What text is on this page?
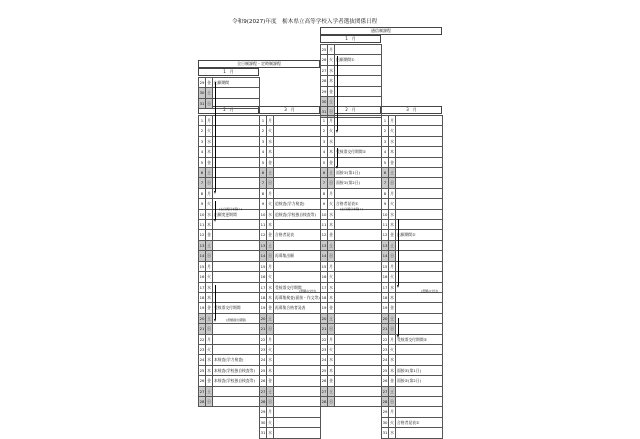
令和9(2027)年度　栃木県立高等学校入学者選抜関係日程
全日制課程・定時制課程
通信制課程
1　月
2　月	3　月
1　月
2　月	3　月
29	金	出願期間
30	土	
31	日	
1	月	
2	火	
3	水	
4	木	
5	金	
6	土	
7	日	
8	月	
9	火	
10	水	出願変更期間
11	木	
12	金	
13	土	
14	日	
15	月	
16	火	
17	水	
18	木	
19	金	受検票交付期間
20	土	
21	日	
22	月	
23	火	
24	水	本検査(学力検査)
25	木	本検査(学校独自検査等)
26	金	本検査(学校独自検査等)
27	土	
28	日	
1	月	
2	火	
3	水	
4	木	
5	金	
6	土	
7	日	
8	月	
9	火	追検査(学力検査)
10	水	追検査(学校独自検査等)
11	木	
12	金	合格者発表
13	土	
14	日	再募集出願
15	月	
16	火	
17	水	受検票交付期間
18	木	再募集検査(面接・作文等)
19	金	再募集合格者発表
20	土	
21	日	
22	月	
23	火	
24	水	
25	木	
26	金	
27	土	
28	日	
29	月	
30	火	
31	水	
25	月	
26	火	出願期間①
27	水	
28	木	
29	金	
30	土	
31	日	
1	月	
2	火	
3	水	
4	木	受検票交付期間①
5	金	
6	土	面接①(第1日)
7	日	面接①(第2日)
8	月	
9	火	合格者発表①
10	水	
11	木	
12	金	
13	土	
14	日	
15	月	
16	火	
17	水	
18	木	
19	金	
20	土	
21	日	
22	月	
23	火	
24	水	
25	木	
26	金	
27	土	
28	日	
1	月	
2	火	
3	水	
4	木	
5	金	
6	土	
7	日	
8	月	
9	火	
10	水	
11	木	
12	金	出願期間②
13	土	
14	日	
15	月	
16	火	
17	水	
18	木	
19	金	
20	土	
21	日	
22	月	受検票交付期間②
23	火	
24	水	
25	木	面接②(第1日)
26	金	面接②(第2日)
27	土	
28	日	
29	月	
30	火	合格者発表②
31	水	
(土日祝日を除く)
(書類提出期限)
(書類の交付)
(土日祝日を除く)
(書類の交付)
